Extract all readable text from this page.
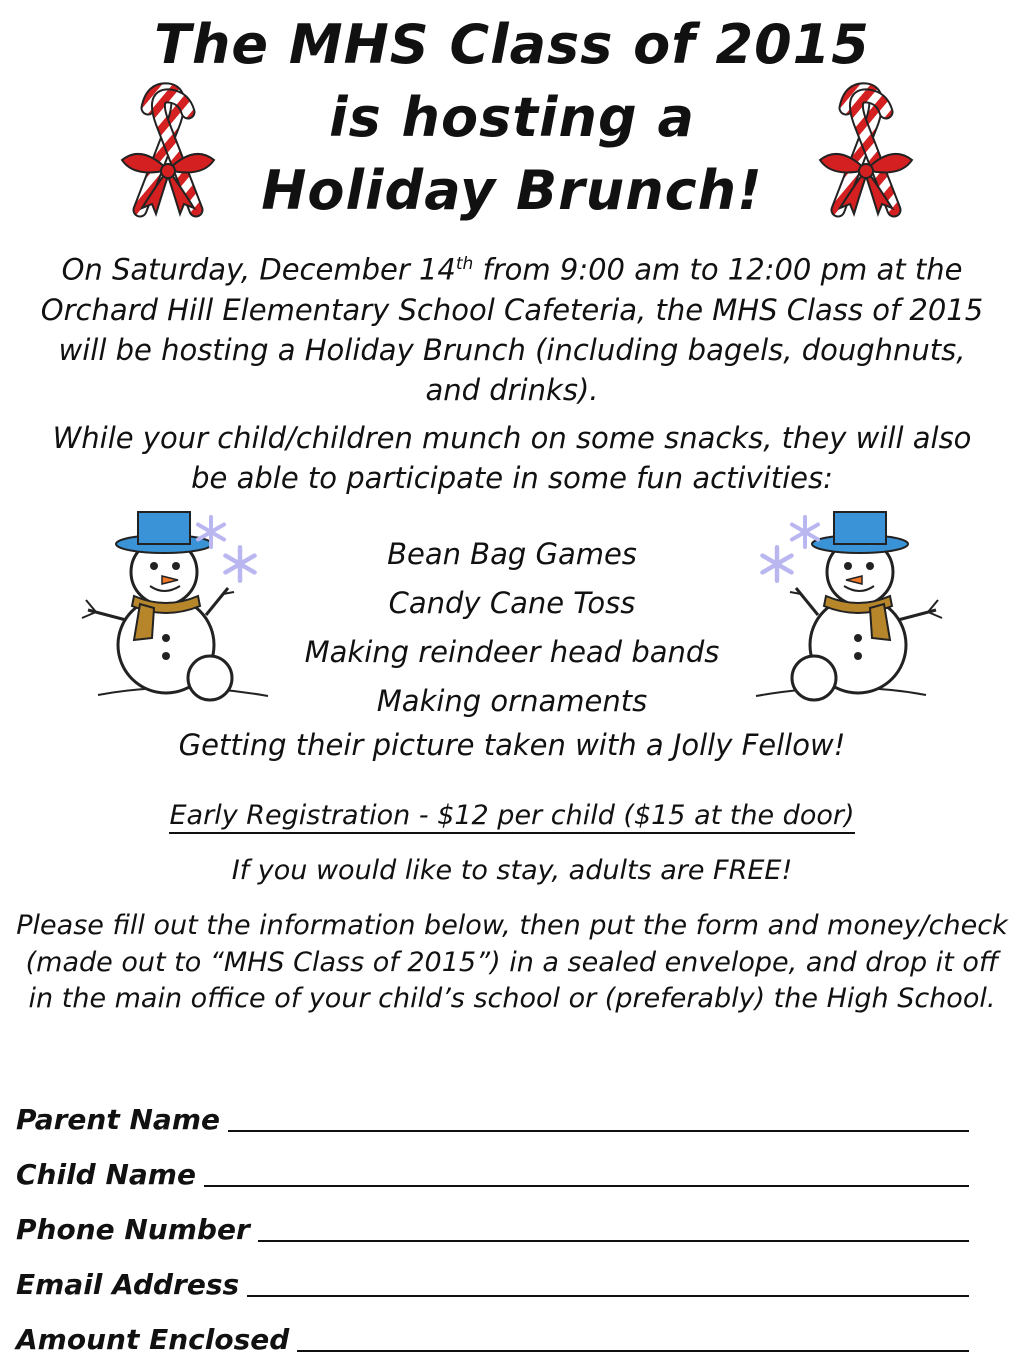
The MHS Class of 2015
is hosting a
Holiday Brunch!
On Saturday, December 14th from 9:00 am to 12:00 pm at the Orchard Hill Elementary School Cafeteria, the MHS Class of 2015 will be hosting a Holiday Brunch (including bagels, doughnuts, and drinks).
While your child/children munch on some snacks, they will also be able to participate in some fun activities:
Bean Bag Games
Candy Cane Toss
Making reindeer head bands
Making ornaments
Getting their picture taken with a Jolly Fellow!
Early Registration - $12 per child ($15 at the door)
If you would like to stay, adults are FREE!
Please fill out the information below, then put the form and money/check (made out to “MHS Class of 2015”) in a sealed envelope, and drop it off in the main office of your child’s school or (preferably) the High School.
Parent Name
Child Name
Phone Number
Email Address
Amount Enclosed
